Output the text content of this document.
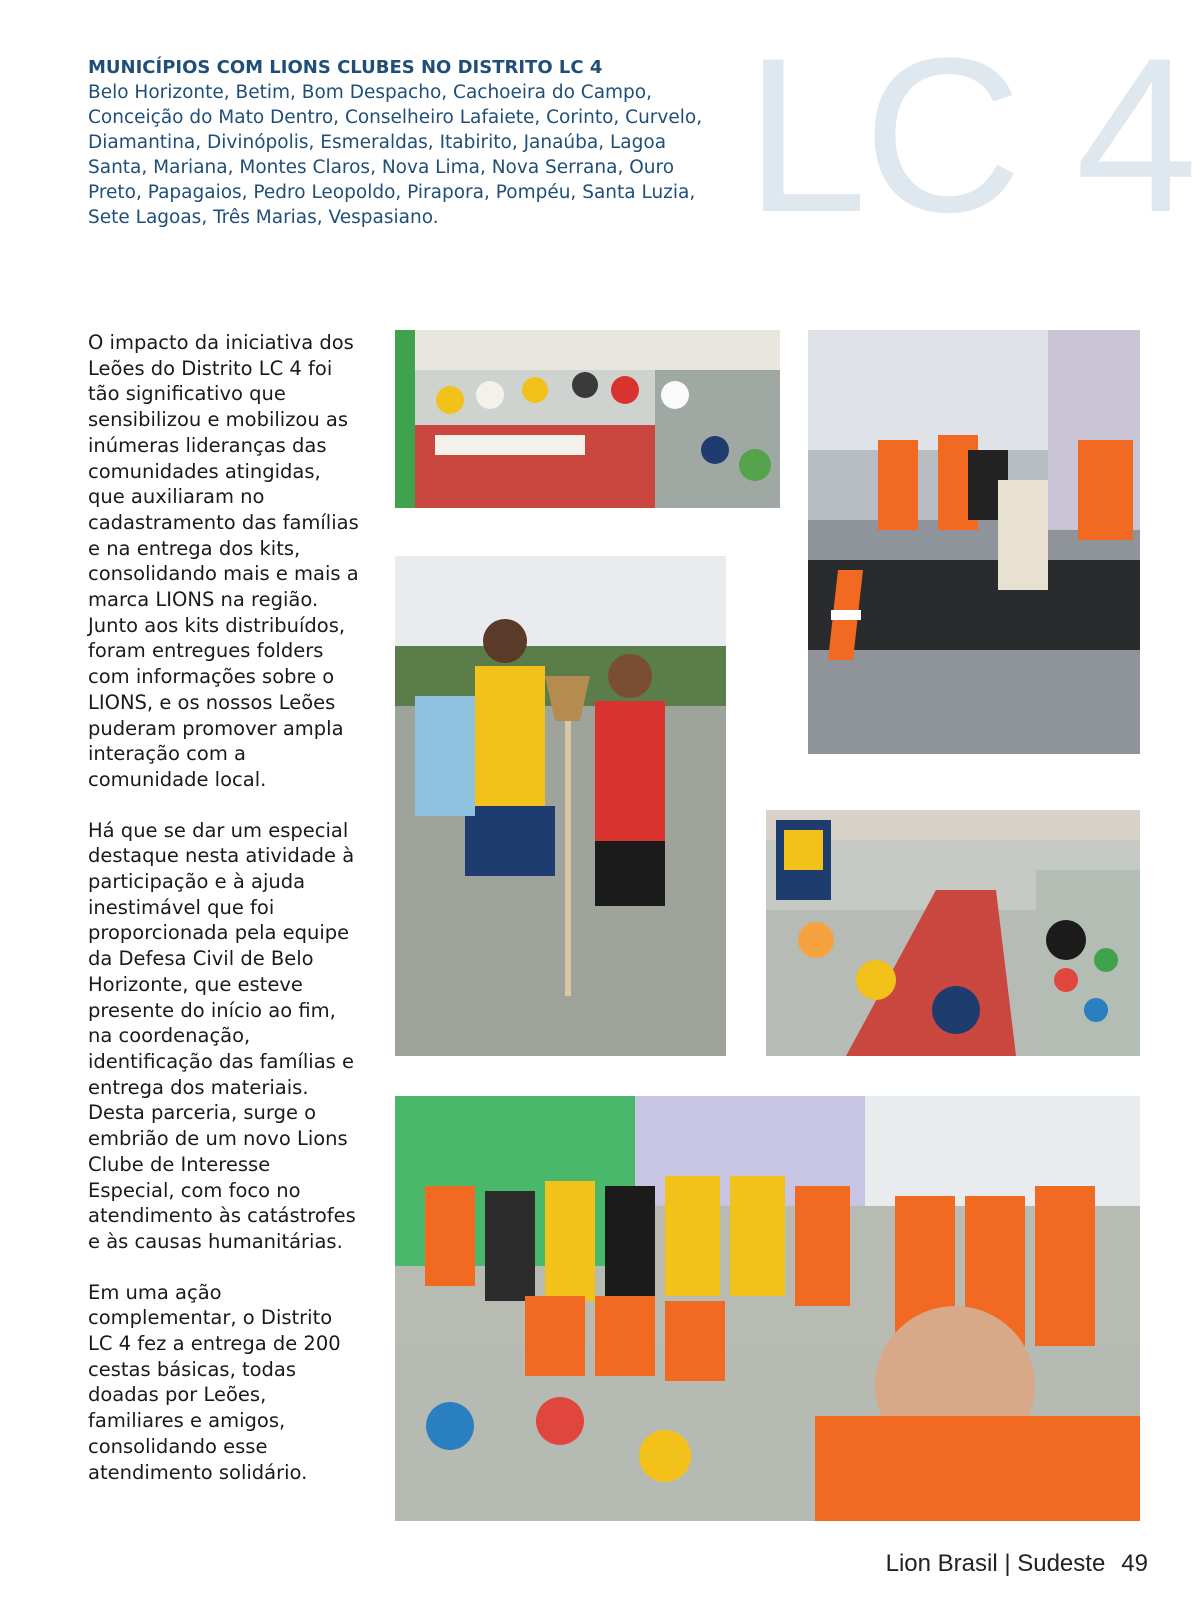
LC 4
MUNICÍPIOS COM LIONS CLUBES NO DISTRITO LC 4
Belo Horizonte, Betim, Bom Despacho, Cachoeira do Campo, Conceição do Mato Dentro, Conselheiro Lafaiete, Corinto, Curvelo, Diamantina, Divinópolis, Esmeraldas, Itabirito, Janaúba, Lagoa Santa, Mariana, Montes Claros, Nova Lima, Nova Serrana, Ouro Preto, Papagaios, Pedro Leopoldo, Pirapora, Pompéu, Santa Luzia, Sete Lagoas, Três Marias, Vespasiano.

O impacto da iniciativa dos Leões do Distrito LC 4 foi tão significativo que sensibilizou e mobilizou as inúmeras lideranças das comunidades atingidas, que auxiliaram no cadastramento das famílias e na entrega dos kits, consolidando mais e mais a marca LIONS na região. Junto aos kits distribuídos, foram entregues folders com informações sobre o LIONS, e os nossos Leões puderam promover ampla interação com a comunidade local.

Há que se dar um especial destaque nesta atividade à participação e à ajuda inestimável que foi proporcionada pela equipe da Defesa Civil de Belo Horizonte, que esteve presente do início ao fim, na coordenação, identificação das famílias e entrega dos materiais. Desta parceria, surge o embrião de um novo Lions Clube de Interesse Especial, com foco no atendimento às catástrofes e às causas humanitárias.

Em uma ação complementar, o Distrito LC 4 fez a entrega de 200 cestas básicas, todas doadas por Leões, familiares e amigos, consolidando esse atendimento solidário.

Lion Brasil | Sudeste 49
